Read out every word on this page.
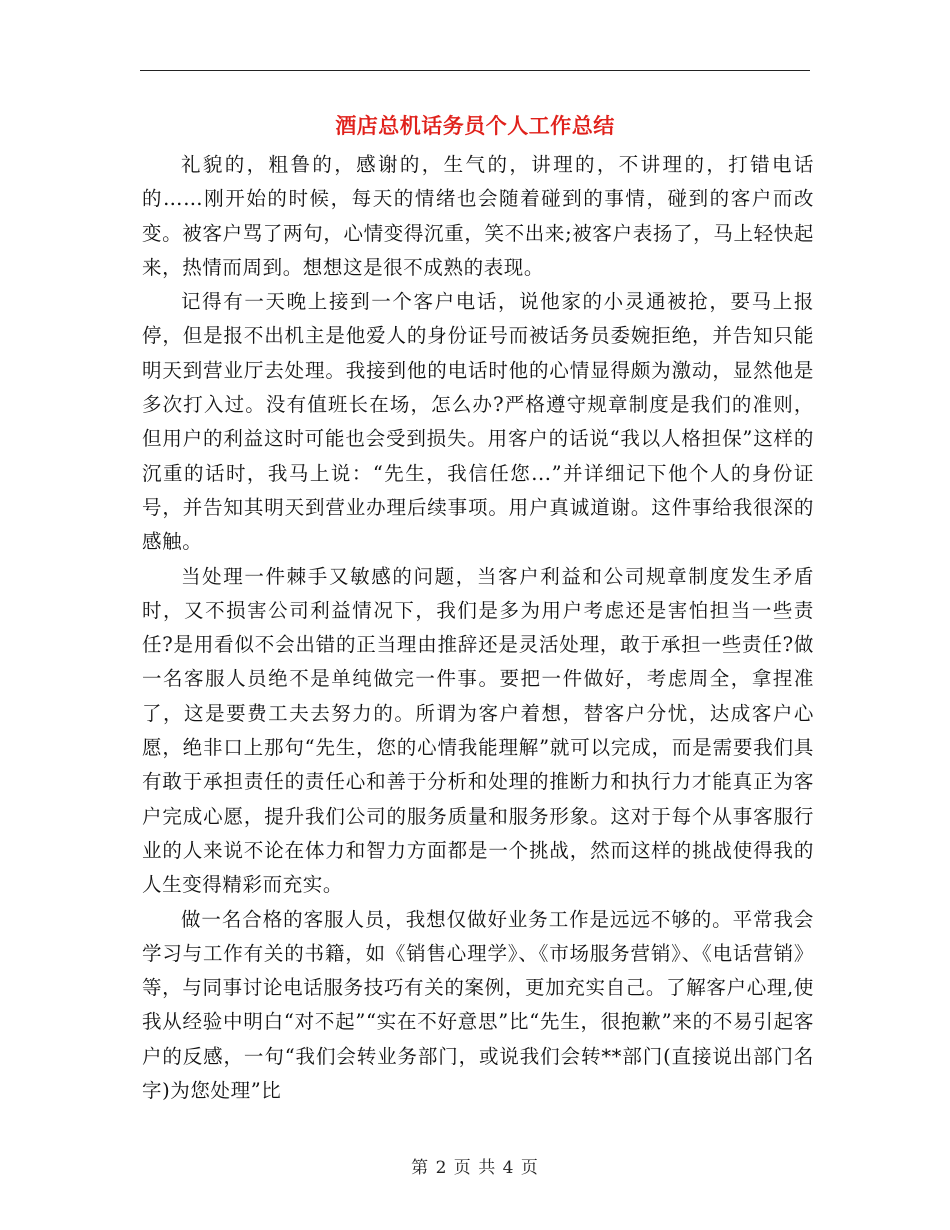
酒店总机话务员个人工作总结

礼貌的，粗鲁的，感谢的，生气的，讲理的，不讲理的，打错电话的……刚开始的时候，每天的情绪也会随着碰到的事情，碰到的客户而改变。被客户骂了两句，心情变得沉重，笑不出来;被客户表扬了，马上轻快起来，热情而周到。想想这是很不成熟的表现。

记得有一天晚上接到一个客户电话，说他家的小灵通被抢，要马上报停，但是报不出机主是他爱人的身份证号而被话务员委婉拒绝，并告知只能明天到营业厅去处理。我接到他的电话时他的心情显得颇为激动，显然他是多次打入过。没有值班长在场，怎么办?严格遵守规章制度是我们的准则，但用户的利益这时可能也会受到损失。用客户的话说“我以人格担保”这样的沉重的话时，我马上说：“先生，我信任您...”并详细记下他个人的身份证号，并告知其明天到营业办理后续事项。用户真诚道谢。这件事给我很深的感触。

当处理一件棘手又敏感的问题，当客户利益和公司规章制度发生矛盾时，又不损害公司利益情况下，我们是多为用户考虑还是害怕担当一些责任?是用看似不会出错的正当理由推辞还是灵活处理，敢于承担一些责任?做一名客服人员绝不是单纯做完一件事。要把一件做好，考虑周全，拿捏准了，这是要费工夫去努力的。所谓为客户着想，替客户分忧，达成客户心愿，绝非口上那句“先生，您的心情我能理解”就可以完成，而是需要我们具有敢于承担责任的责任心和善于分析和处理的推断力和执行力才能真正为客户完成心愿，提升我们公司的服务质量和服务形象。这对于每个从事客服行业的人来说不论在体力和智力方面都是一个挑战，然而这样的挑战使得我的人生变得精彩而充实。

做一名合格的客服人员，我想仅做好业务工作是远远不够的。平常我会学习与工作有关的书籍，如《销售心理学》、《市场服务营销》、《电话营销》等，与同事讨论电话服务技巧有关的案例，更加充实自己。了解客户心理,使我从经验中明白“对不起”“实在不好意思”比“先生，很抱歉”来的不易引起客户的反感，一句“我们会转业务部门，或说我们会转**部门(直接说出部门名字)为您处理”比

第 2 页 共 4 页
